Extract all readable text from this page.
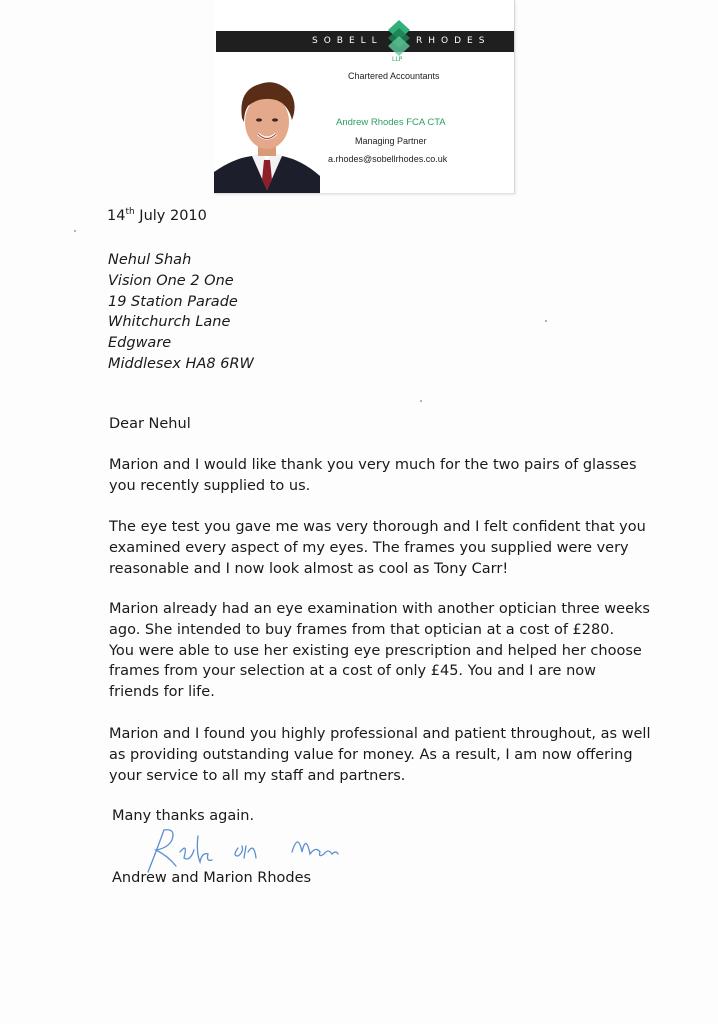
SOBELL	RHODES
LLP
Chartered Accountants
Andrew Rhodes FCA CTA
Managing Partner
a.rhodes@sobellrhodes.co.uk
14th July 2010
Nehul Shah
Vision One 2 One
19 Station Parade
Whitchurch Lane
Edgware
Middlesex HA8 6RW
Dear Nehul
Marion and I would like thank you very much for the two pairs of glasses
you recently supplied to us.
The eye test you gave me was very thorough and I felt confident that you
examined every aspect of my eyes. The frames you supplied were very
reasonable and I now look almost as cool as Tony Carr!
Marion already had an eye examination with another optician three weeks
ago. She intended to buy frames from that optician at a cost of £280.
You were able to use her existing eye prescription and helped her choose
frames from your selection at a cost of only £45. You and I are now
friends for life.
Marion and I found you highly professional and patient throughout, as well
as providing outstanding value for money. As a result, I am now offering
your service to all my staff and partners.
Many thanks again.
Andrew and Marion Rhodes
